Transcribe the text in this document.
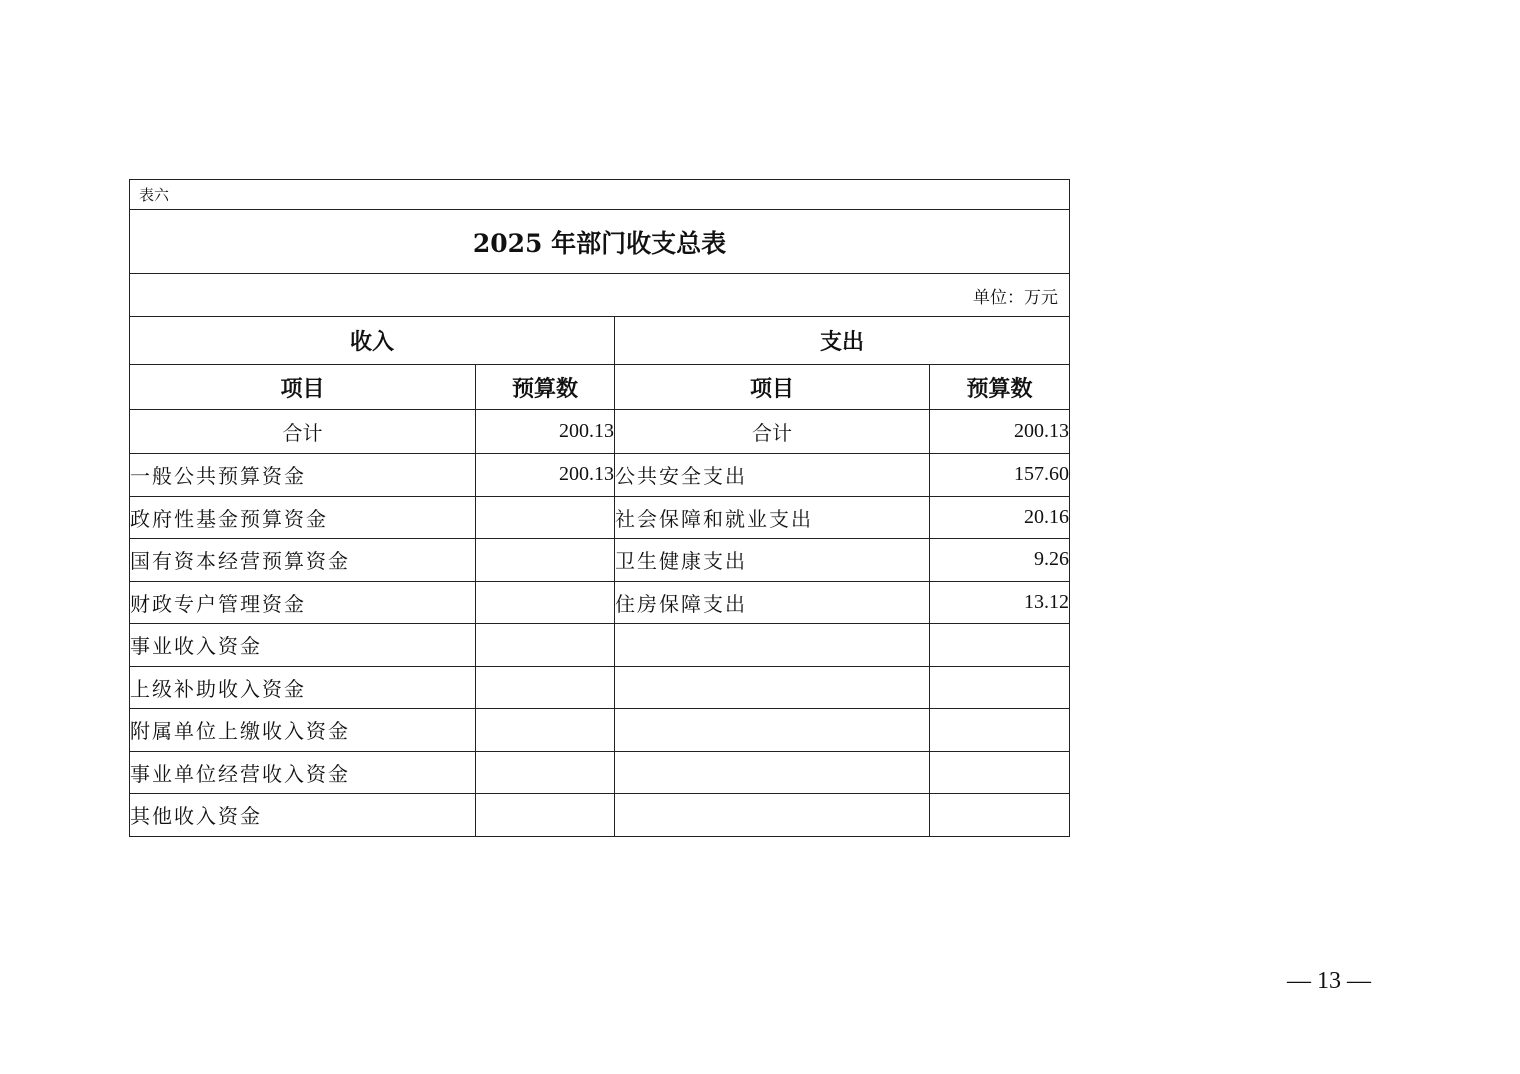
表六			
2025 年部门收支总表			
单位：万元			
收入		支出	
项目	预算数	项目	预算数
合计	200.13	合计	200.13
一般公共预算资金	200.13	公共安全支出	157.60
政府性基金预算资金		社会保障和就业支出	20.16
国有资本经营预算资金		卫生健康支出	9.26
财政专户管理资金		住房保障支出	13.12
事业收入资金			
上级补助收入资金			
附属单位上缴收入资金			
事业单位经营收入资金			
其他收入资金			
— 13 —
